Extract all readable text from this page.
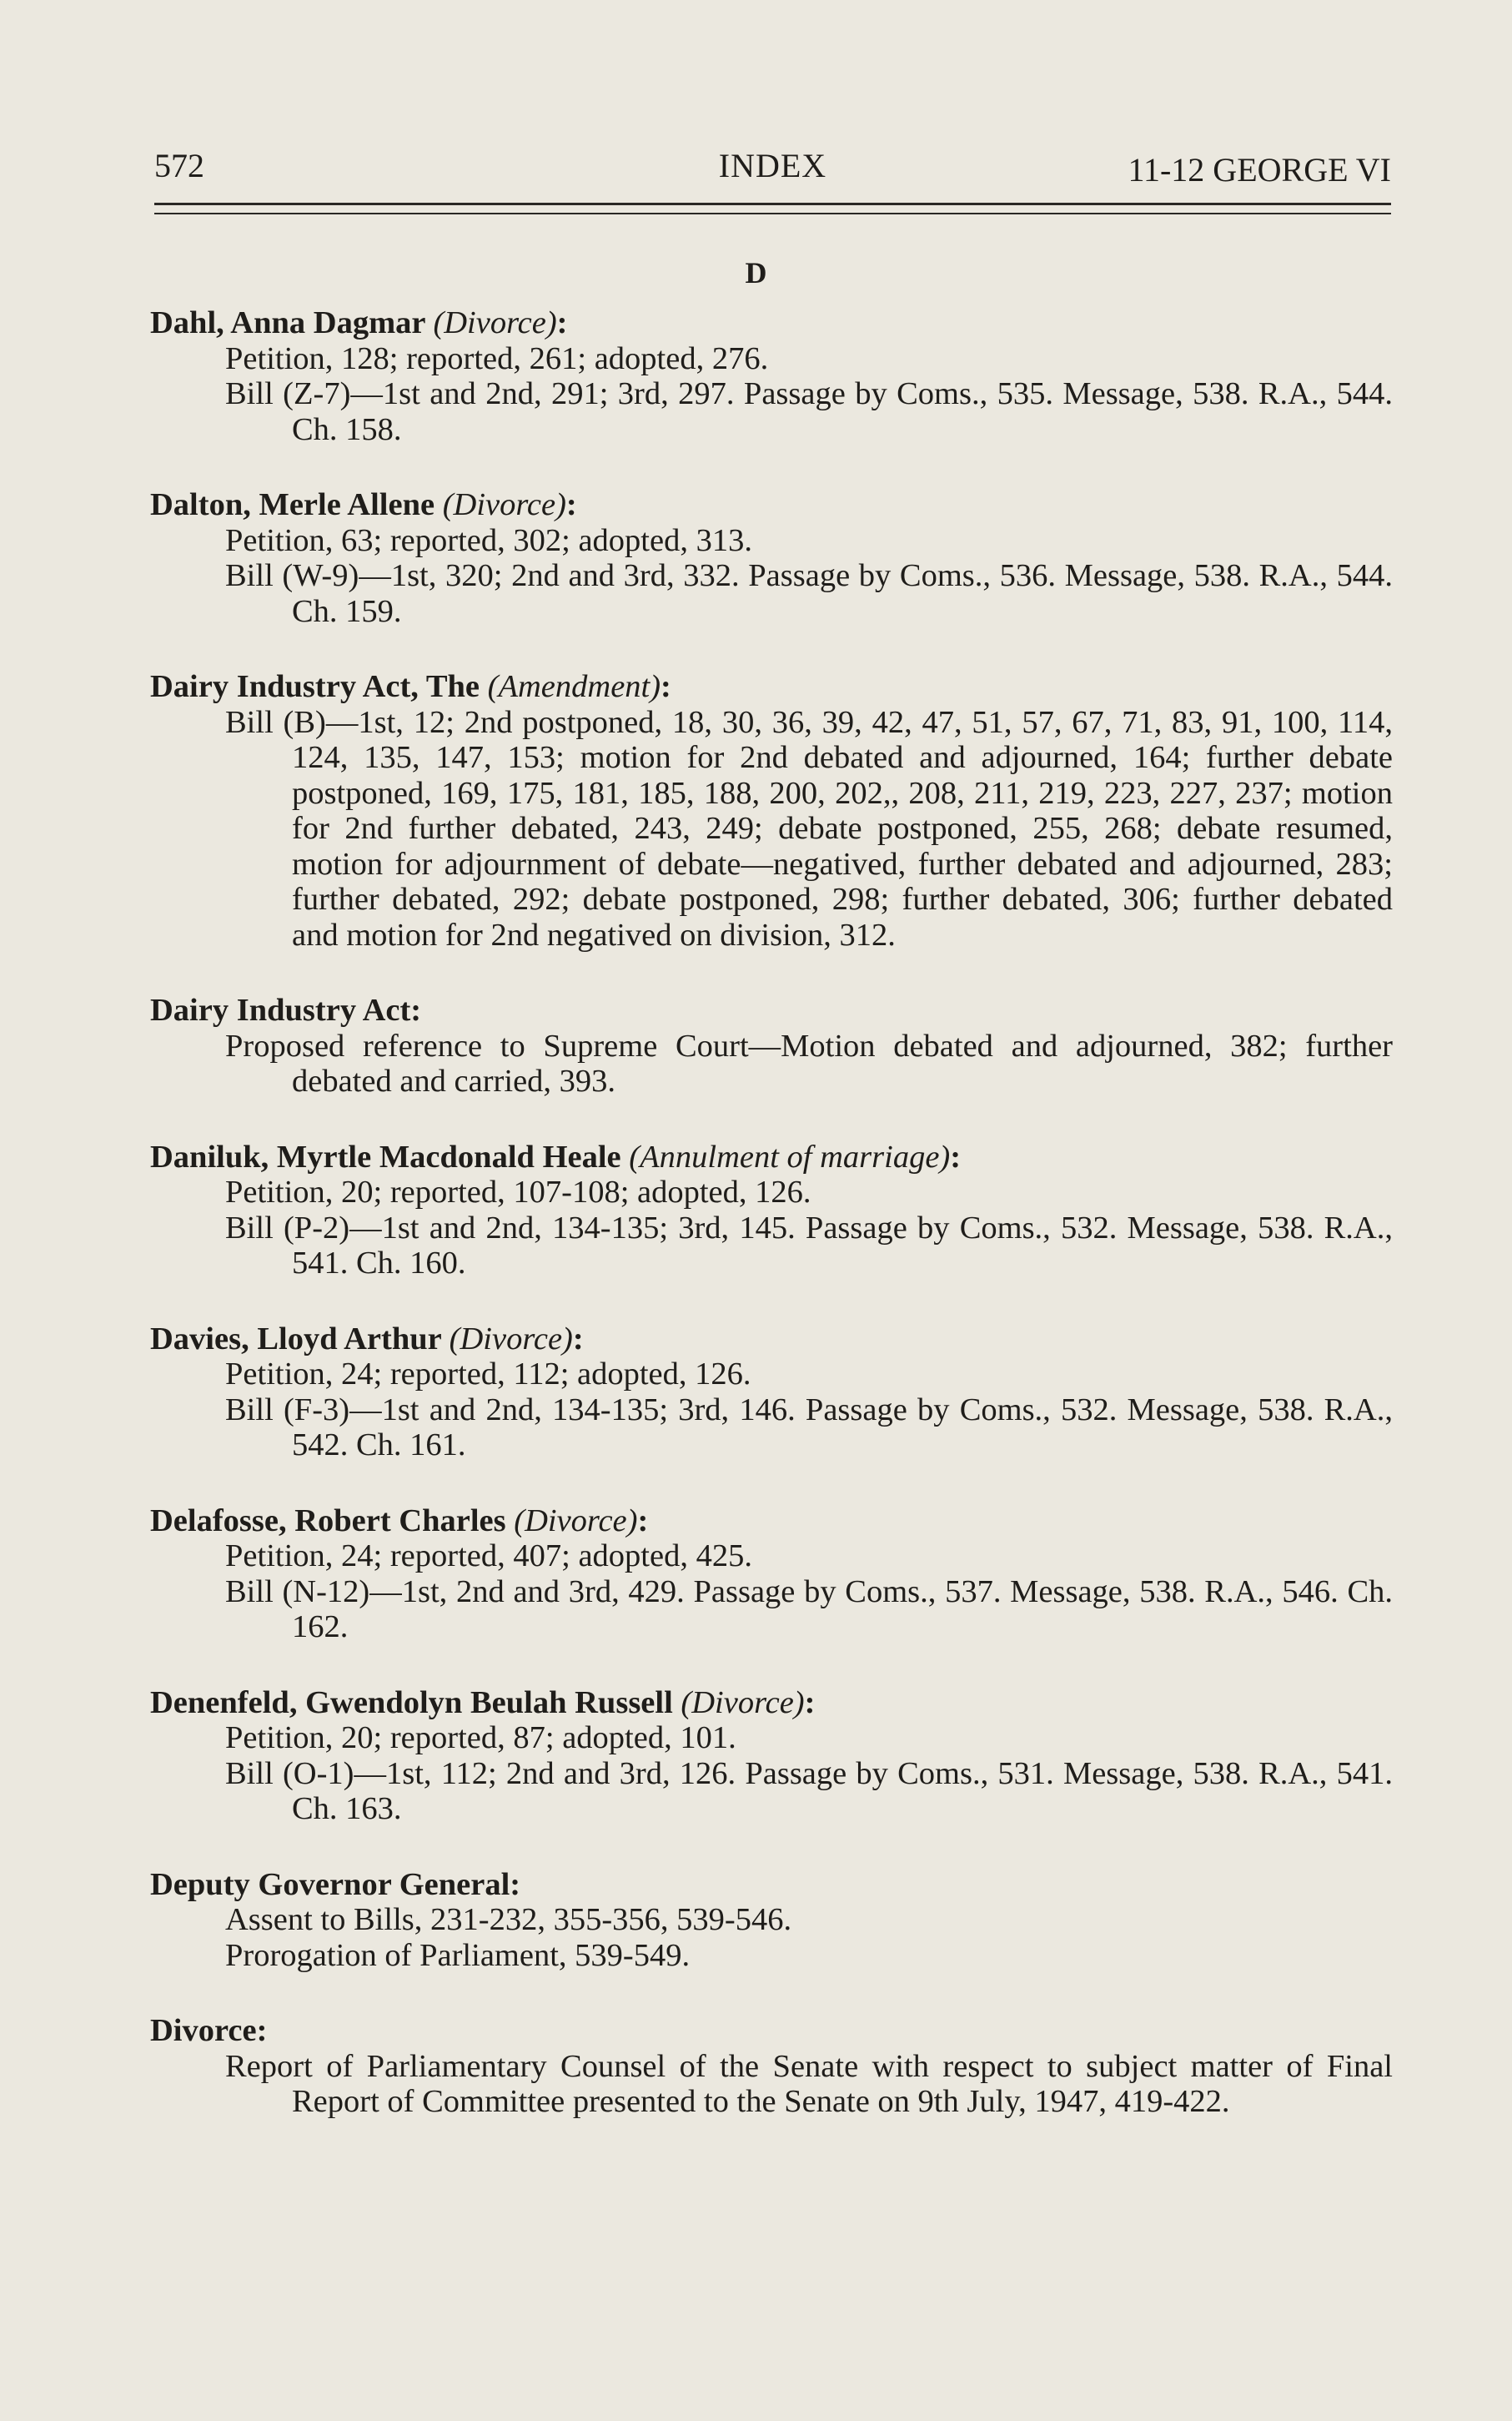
572	INDEX	11-12 GEORGE VI
D
Dahl, Anna Dagmar (Divorce):
Petition, 128; reported, 261; adopted, 276.
Bill (Z-7)—1st and 2nd, 291; 3rd, 297. Passage by Coms., 535. Message, 538. R.A., 544. Ch. 158.
Dalton, Merle Allene (Divorce):
Petition, 63; reported, 302; adopted, 313.
Bill (W-9)—1st, 320; 2nd and 3rd, 332. Passage by Coms., 536. Message, 538. R.A., 544. Ch. 159.
Dairy Industry Act, The (Amendment):
Bill (B)—1st, 12; 2nd postponed, 18, 30, 36, 39, 42, 47, 51, 57, 67, 71, 83, 91, 100, 114, 124, 135, 147, 153; motion for 2nd debated and adjourned, 164; further debate postponed, 169, 175, 181, 185, 188, 200, 202,, 208, 211, 219, 223, 227, 237; motion for 2nd further debated, 243, 249; debate postponed, 255, 268; debate resumed, motion for adjournment of debate—negatived, further debated and adjourned, 283; further debated, 292; debate postponed, 298; further debated, 306; further debated and motion for 2nd negatived on division, 312.
Dairy Industry Act:
Proposed reference to Supreme Court—Motion debated and adjourned, 382; further debated and carried, 393.
Daniluk, Myrtle Macdonald Heale (Annulment of marriage):
Petition, 20; reported, 107-108; adopted, 126.
Bill (P-2)—1st and 2nd, 134-135; 3rd, 145. Passage by Coms., 532. Message, 538. R.A., 541. Ch. 160.
Davies, Lloyd Arthur (Divorce):
Petition, 24; reported, 112; adopted, 126.
Bill (F-3)—1st and 2nd, 134-135; 3rd, 146. Passage by Coms., 532. Message, 538. R.A., 542. Ch. 161.
Delafosse, Robert Charles (Divorce):
Petition, 24; reported, 407; adopted, 425.
Bill (N-12)—1st, 2nd and 3rd, 429. Passage by Coms., 537. Message, 538. R.A., 546. Ch. 162.
Denenfeld, Gwendolyn Beulah Russell (Divorce):
Petition, 20; reported, 87; adopted, 101.
Bill (O-1)—1st, 112; 2nd and 3rd, 126. Passage by Coms., 531. Message, 538. R.A., 541. Ch. 163.
Deputy Governor General:
Assent to Bills, 231-232, 355-356, 539-546.
Prorogation of Parliament, 539-549.
Divorce:
Report of Parliamentary Counsel of the Senate with respect to subject matter of Final Report of Committee presented to the Senate on 9th July, 1947, 419-422.
